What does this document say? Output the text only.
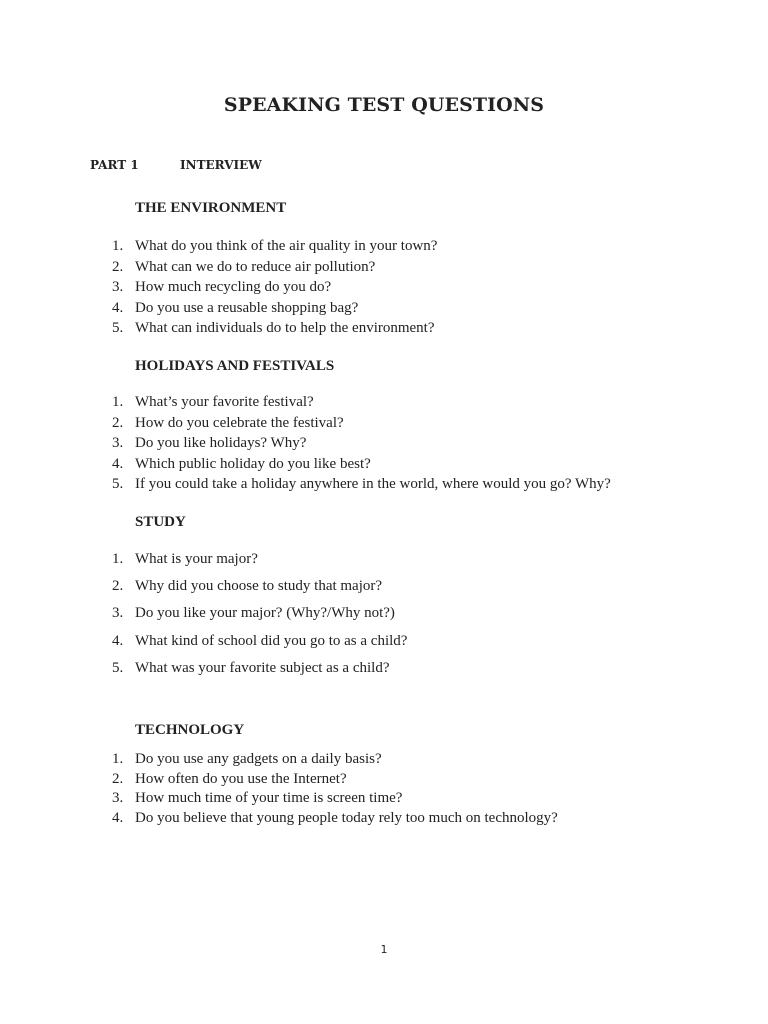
SPEAKING TEST QUESTIONS
PART 1	INTERVIEW
THE ENVIRONMENT
1. What do you think of the air quality in your town?
2. What can we do to reduce air pollution?
3. How much recycling do you do?
4. Do you use a reusable shopping bag?
5. What can individuals do to help the environment?
HOLIDAYS AND FESTIVALS
1. What’s your favorite festival?
2. How do you celebrate the festival?
3. Do you like holidays? Why?
4. Which public holiday do you like best?
5. If you could take a holiday anywhere in the world, where would you go? Why?
STUDY
1. What is your major?
2. Why did you choose to study that major?
3. Do you like your major? (Why?/Why not?)
4. What kind of school did you go to as a child?
5. What was your favorite subject as a child?
TECHNOLOGY
1. Do you use any gadgets on a daily basis?
2. How often do you use the Internet?
3. How much time of your time is screen time?
4. Do you believe that young people today rely too much on technology?
1
